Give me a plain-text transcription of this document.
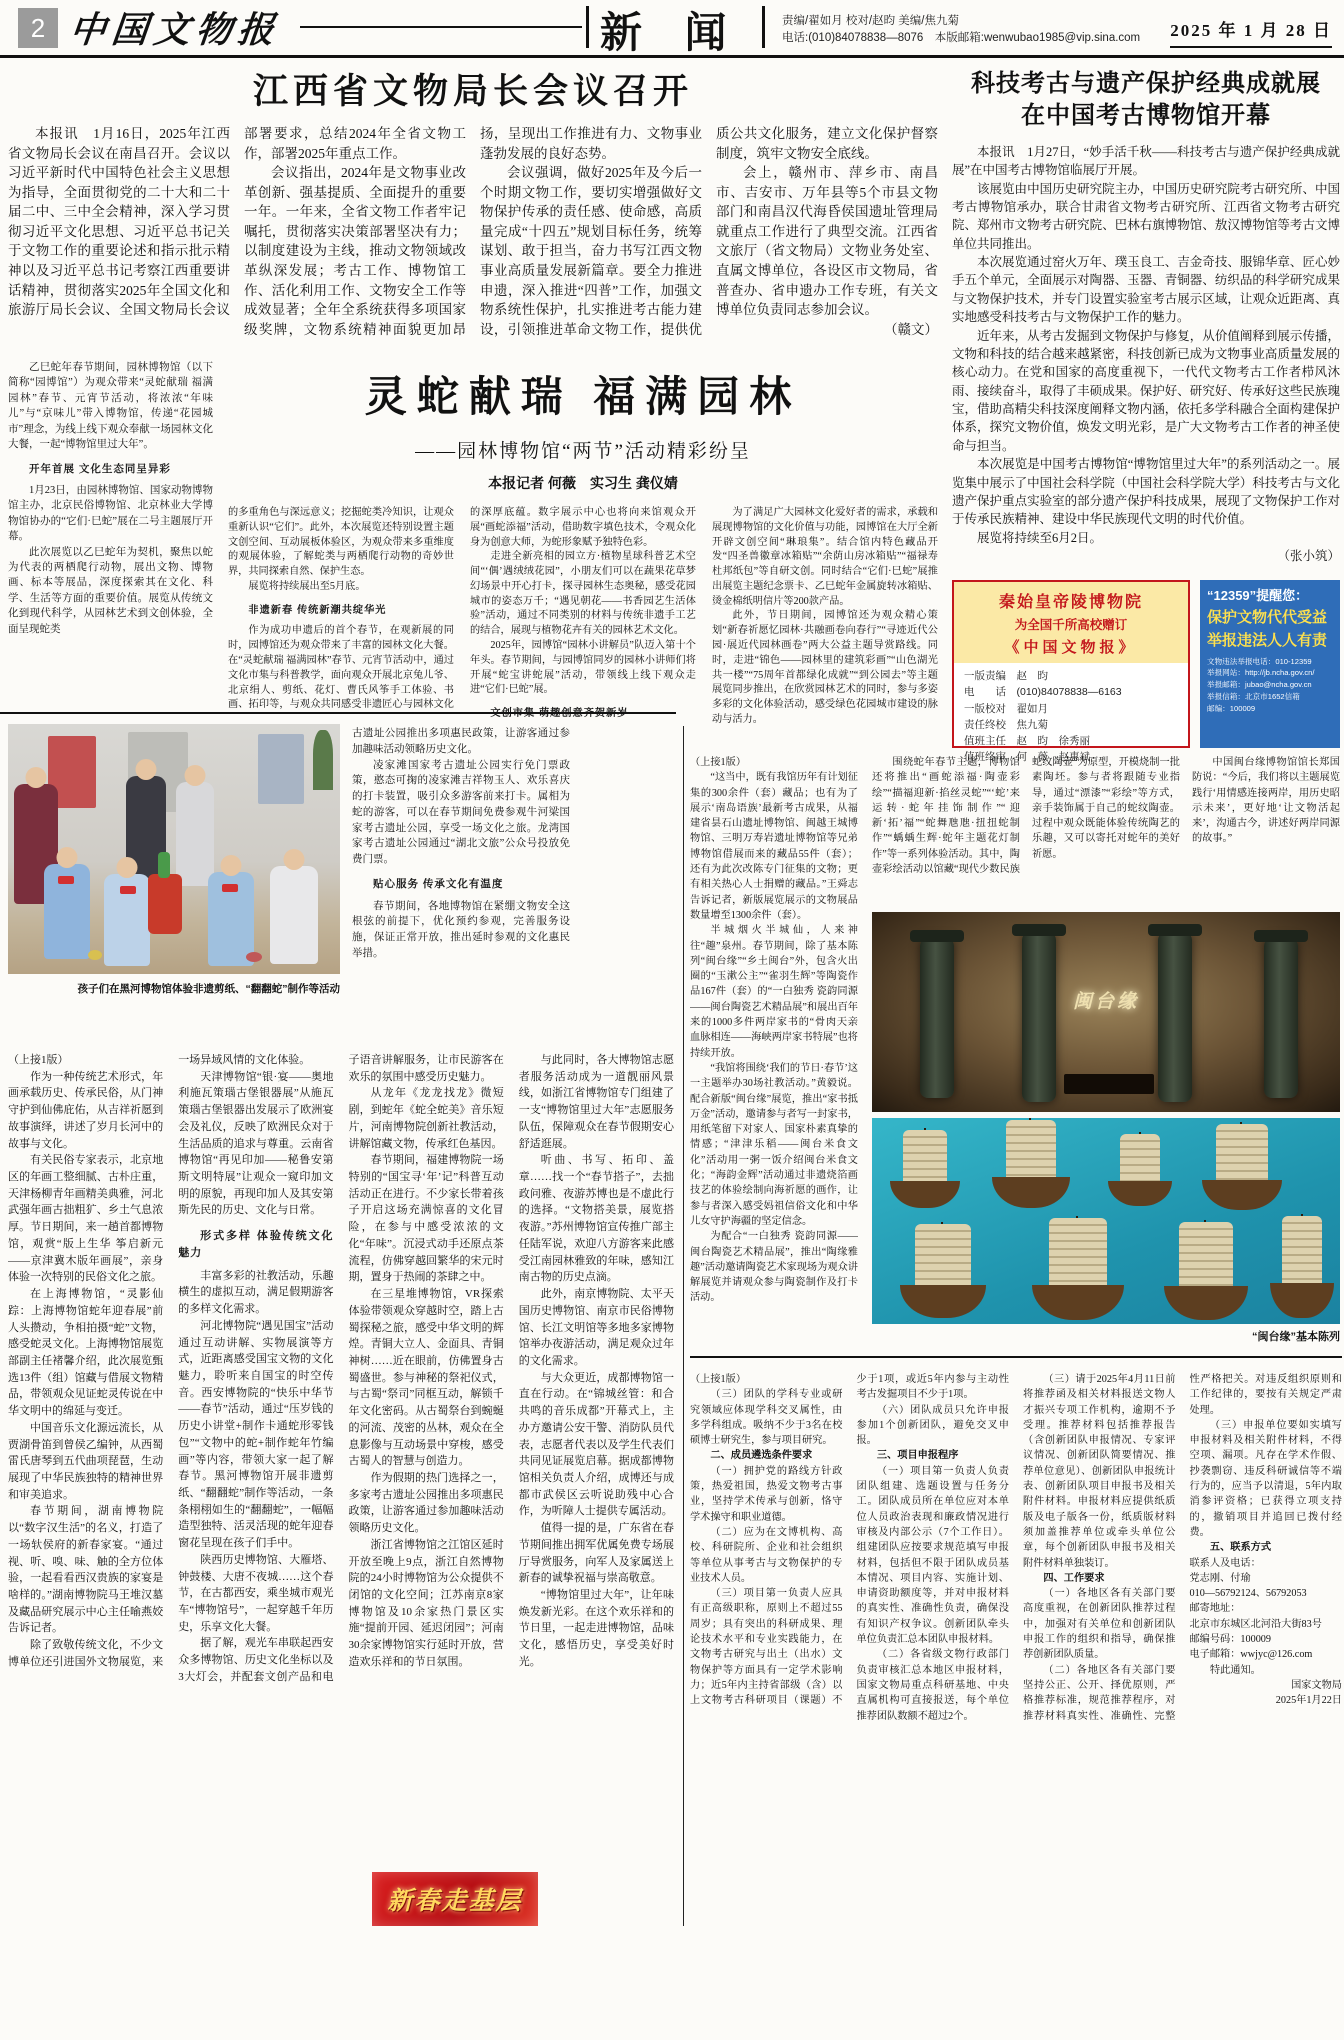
2 中国文物报	新 闻	责编/翟如月 校对/赵昀 美编/焦九菊
电话:(010)84078838—8076　本版邮箱:wenwubao1985@vip.sina.com	2025 年 1 月 28 日
江西省文物局长会议召开

本报讯　1月16日，2025年江西省文物局长会议在南昌召开。会议以习近平新时代中国特色社会主义思想为指导，全面贯彻党的二十大和二十届二中、三中全会精神，深入学习贯彻习近平文化思想、习近平总书记关于文物工作的重要论述和指示批示精神以及习近平总书记考察江西重要讲话精神，贯彻落实2025年全国文化和旅游厅局长会议、全国文物局长会议部署要求，总结2024年全省文物工作，部署2025年重点工作。

会议指出，2024年是文物事业改革创新、强基提质、全面提升的重要一年。一年来，全省文物工作者牢记嘱托，贯彻落实决策部署坚决有力；以制度建设为主线，推动文物领域改革纵深发展；考古工作、博物馆工作、活化利用工作、文物安全工作等成效显著；全年全系统获得多项国家级奖牌，文物系统精神面貌更加昂扬，呈现出工作推进有力、文物事业蓬勃发展的良好态势。

会议强调，做好2025年及今后一个时期文物工作，要切实增强做好文物保护传承的责任感、使命感，高质量完成“十四五”规划目标任务，统筹谋划、敢于担当，奋力书写江西文物事业高质量发展新篇章。要全力推进申遗，深入推进“四普”工作，加强文物系统性保护，扎实推进考古能力建设，引领推进革命文物工作，提供优质公共文化服务，建立文化保护督察制度，筑牢文物安全底线。

会上，赣州市、萍乡市、南昌市、吉安市、万年县等5个市县文物部门和南昌汉代海昏侯国遗址管理局就重点工作进行了典型交流。江西省文旅厅（省文物局）文物业务处室、直属文博单位，各设区市文物局，省普查办、省申遗办工作专班，有关文博单位负责同志参加会议。

（赣文）

科技考古与遗产保护经典成就展
在中国考古博物馆开幕

本报讯　1月27日，“妙手活千秋——科技考古与遗产保护经典成就展”在中国考古博物馆临展厅开展。

该展览由中国历史研究院主办，中国历史研究院考古研究所、中国考古博物馆承办，联合甘肃省文物考古研究所、江西省文物考古研究院、郑州市文物考古研究院、巴林右旗博物馆、敖汉博物馆等考古文博单位共同推出。

本次展览通过窑火万年、璞玉良工、吉金奇技、服锦华章、匠心妙手五个单元，全面展示对陶器、玉器、青铜器、纺织品的科学研究成果与文物保护技术，并专门设置实验室考古展示区域，让观众近距离、真实地感受科技考古与文物保护工作的魅力。

近年来，从考古发掘到文物保护与修复，从价值阐释到展示传播，文物和科技的结合越来越紧密，科技创新已成为文物事业高质量发展的核心动力。在党和国家的高度重视下，一代代文物考古工作者栉风沐雨、接续奋斗，取得了丰硕成果。保护好、研究好、传承好这些民族瑰宝，借助高精尖科技深度阐释文物内涵，依托多学科融合全面构建保护体系，探究文物价值，焕发文明光彩，是广大文物考古工作者的神圣使命与担当。

本次展览是中国考古博物馆“博物馆里过大年”的系列活动之一。展览集中展示了中国社会科学院（中国社会科学院大学）科技考古与文化遗产保护重点实验室的部分遗产保护科技成果，展现了文物保护工作对于传承民族精神、建设中华民族现代文明的时代价值。

展览将持续至6月2日。

（张小筑）

乙巳蛇年春节期间，园林博物馆（以下简称“园博馆”）为观众带来“灵蛇献瑞 福满园林”春节、元宵节活动，将浓浓“年味儿”与“京味儿”带入博物馆，传递“花园城市”理念，为线上线下观众奉献一场园林文化大餐，一起“博物馆里过大年”。

开年首展 文化生态同呈异彩

1月23日，由园林博物馆、国家动物博物馆主办，北京民俗博物馆、北京林业大学博物馆协办的“它们·巳蛇”展在二号主题展厅开幕。

此次展览以乙巳蛇年为契机，聚焦以蛇为代表的两栖爬行动物，展出文物、博物画、标本等展品，深度探索其在文化、科学、生活等方面的重要价值。展览从传统文化到现代科学，从园林艺术到文创体验，全面呈现蛇类

灵蛇献瑞 福满园林
——园林博物馆“两节”活动精彩纷呈
本报记者 何薇　实习生 龚仪婧

的多重角色与深远意义；挖掘蛇类冷知识，让观众重新认识“它们”。此外，本次展览还特别设置主题文创空间、互动展板体验区，为观众带来多重维度的观展体验，了解蛇类与两栖爬行动物的奇妙世界，共同探索自然、保护生态。

展览将持续展出至5月底。

非遗新春 传统新潮共绽华光

作为成功申遗后的首个春节，在观新展的同时，园博馆还为观众带来了丰富的园林文化大餐。在“灵蛇献瑞 福满园林”春节、元宵节活动中，通过文化市集与科普教学，面向观众开展北京兔儿爷、北京绢人、剪纸、花灯、曹氏风筝手工体验、书画、拓印等，与观众共同感受非遗匠心与园林文化的深厚底蕴。数字展示中心也将向来馆观众开展“画蛇添福”活动，借助数字填色技术，令观众化身为创意大师，为蛇形象赋予独特色彩。

走进全新亮相的园立方·植物星球科普艺术空间“‘偶’遇绒绒花园”，小朋友们可以在蔬果花草梦幻场景中开心打卡，探寻园林生态奥秘，感受花园城市的姿态万千；“遇见朝花——书香园艺生活体验”活动，通过不同类别的材料与传统非遗手工艺的结合，展现与植物花卉有关的园林艺术文化。

2025年，园博馆“园林小讲解员”队迈入第十个年头。春节期间，与园博馆同岁的园林小讲师们将开展“蛇宝讲蛇展”活动，带领线上线下观众走进“它们·巳蛇”展。

为了满足广大园林文化爱好者的需求，承载和展现博物馆的文化价值与功能，园博馆在大厅全新开辟文创空间“琳琅集”。结合馆内特色藏品开发“四圣兽徽章冰箱贴”“余荫山房冰箱贴”“福禄寿杜邦纸包”等自研文创。同时结合“它们·巳蛇”展推出展览主题纪念票卡、乙巳蛇年金属旋转冰箱贴、烫金棉纸明信片等200款产品。

此外，节日期间，园博馆还为观众精心策划“新春祈愿忆园林·共融画卷向春行”“寻迹近代公园·展近代园林画卷”两大公益主题导赏路线。同时，走进“锦色——园林里的建筑彩画”“山色湖光共一楼”“75周年首都绿化成就”“到公园去”等主题展览同步推出，在欣赏园林艺术的同时，参与多姿多彩的文化体验活动，感受绿色花园城市建设的脉动与活力。

秦始皇帝陵博物院
为全国千所高校赠订
《中国文物报》

一版责编　赵　昀

电　　话　(010)84078838—6163

一版校对　翟如月

责任终校　焦九菊

值班主任　赵　昀　徐秀丽

值班终审　何　薇　赵惠斌

“12359”提醒您：
保护文物代代受益
举报违法人人有责

文物违法举报电话：010-12359

举报网站：http://jb.ncha.gov.cn/

举报邮箱：jubao@ncha.gov.cn

举报信箱：北京市1652信箱

邮编：100009

孩子们在黑河博物馆体验非遗剪纸、“翻翻蛇”制作等活动

古遗址公园推出多项惠民政策，让游客通过参加趣味活动领略历史文化。

凌家滩国家考古遗址公园实行免门票政策，憨态可掬的凌家滩吉祥物玉人、欢乐喜庆的打卡装置，吸引众多游客前来打卡。属相为蛇的游客，可以在春节期间免费参观牛河梁国家考古遗址公园，享受一场文化之旅。龙湾国家考古遗址公园通过“湖北文旅”公众号投放免费门票。

贴心服务 传承文化有温度

春节期间，各地博物馆在紧绷文物安全这根弦的前提下，优化预约参观，完善服务设施，保证正常开放，推出延时参观的文化惠民举措。

（上接1版）

“这当中，既有我馆历年有计划征集的300余件（套）藏品；也有为了展示‘南岛语族’最新考古成果，从福建省昙石山遗址博物馆、闽越王城博物馆、三明万寿岩遗址博物馆等兄弟博物馆借展而来的藏品55件（套）；还有为此次改陈专门征集的文物；更有相关热心人士捐赠的藏品。”王舜志告诉记者，新版展览展示的文物展品数量增至1300余件（套）。

半城烟火半城仙，人来神往“趣”泉州。春节期间，除了基本陈列“闽台缘”“乡土闽台”外，包含火出圈的“玉漱公主”“雀羽生辉”等陶瓷作品167件（套）的“一白独秀 瓷韵同源——闽台陶瓷艺术精品展”和展出百年来的1000多件两岸家书的“骨肉天亲 血脉相连——海峡两岸家书特展”也将持续开放。

“我馆将围绕‘我们的节日·春节’这一主题举办30场社教活动。”黄毅说。配合新版“闽台缘”展览，推出“家书抵万金”活动，邀请参与者写一封家书，用纸笔留下对家人、国家朴素真挚的情感；“津津乐稻——闽台米食文化”活动用一粥一饭介绍闽台米食文化；“海韵金辉”活动通过非遗烧箔画技艺的体验绘制向海祈愿的画作，让参与者深入感受妈祖信俗文化和中华儿女守护海疆的坚定信念。

为配合“一白独秀 瓷韵同源——闽台陶瓷艺术精品展”，推出“陶缘雅趣”活动邀请陶瓷艺术家现场为观众讲解展览并请观众参与陶瓷制作及打卡活动。

围绕蛇年春节主题，博物馆还将推出“画蛇添福·陶壶彩绘”“描福迎新·掐丝灵蛇”“‘蛇’来运转·蛇年挂饰制作”“迎新‘拓’福”“蛇舞虺虺·扭扭蛇制作”“蝺蝺生辉·蛇年主题花灯制作”等一系列体验活动。其中，陶壶彩绘活动以馆藏“现代少数民族蛇纹陶壶”为原型，开模烧制一批素陶坯。参与者将跟随专业指导，通过“漂漆”“彩绘”等方式，亲手装饰属于自己的蛇纹陶壶。过程中观众既能体验传统陶艺的乐趣，又可以寄托对蛇年的美好祈愿。

中国闽台缘博物馆馆长郑国防说：“今后，我们将以主题展览践行‘用情感连接两岸，用历史昭示未来’，更好地‘让文物活起来’，沟通古今，讲述好两岸同源的故事。”

闽台缘
“闽台缘”基本陈列

（上接1版）

作为一种传统艺术形式，年画承载历史、传承民俗，从门神守护到仙佛庇佑，从吉祥祈愿到故事演绎，讲述了岁月长河中的故事与文化。

有关民俗专家表示，北京地区的年画工整细腻、古朴庄重，天津杨柳青年画精美典雅，河北武强年画古拙粗犷、乡土气息浓厚。节日期间，来一趟首都博物馆，观赏“版上生华 筝启新元——京津冀木版年画展”，亲身体验一次特别的民俗文化之旅。

在上海博物馆，“灵影仙踪：上海博物馆蛇年迎春展”前人头攒动，争相拍摄“蛇”文物，感受蛇灵文化。上海博物馆展览部副主任褚馨介绍，此次展览甄选13件（组）馆藏与借展文物精品，带领观众见证蛇灵传说在中华文明中的绵延与变迁。

中国音乐文化源远流长，从贾湖骨笛到曾侯乙编钟，从西蜀雷氏唐琴到五代曲项琵琶，生动展现了中华民族独特的精神世界和审美追求。

春节期间，湖南博物院以“数字汉生活”的名义，打造了一场轪侯府的新春家宴。“通过视、听、嗅、味、触的全方位体验，一起看看西汉贵族的家宴是啥样的。”湖南博物院马王堆汉墓及藏品研究展示中心主任喻燕姣告诉记者。

除了致敬传统文化，不少文博单位还引进国外文物展览，来一场异域风情的文化体验。

天津博物馆“银·宴——奥地利施瓦策瑙古堡银器展”从施瓦策瑙古堡银器出发展示了欧洲宴会及礼仪，反映了欧洲民众对于生活品质的追求与尊重。云南省博物馆“再见印加——秘鲁安第斯文明特展”让观众一窥印加文明的原貌，再现印加人及其安第斯先民的历史、文化与日常。

形式多样 体验传统文化魅力

丰富多彩的社教活动，乐趣横生的虚拟互动，满足假期游客的多样文化需求。

河北博物院“遇见国宝”活动通过互动讲解、实物展演等方式，近距离感受国宝文物的文化魅力，聆听来自国宝的时空传音。西安博物院的“快乐中华节——春节”活动，通过“压岁钱的历史小讲堂+制作卡通蛇形零钱包”“文物中的蛇+制作蛇年竹编画”等内容，带领大家一起了解春节。黑河博物馆开展非遗剪纸、“翻翻蛇”制作等活动，一条条栩栩如生的“翻翻蛇”，一幅幅造型独特、活灵活现的蛇年迎春窗花呈现在孩子们手中。

陕西历史博物馆、大雁塔、钟鼓楼、大唐不夜城……这个春节，在古都西安，乘坐城市观光车“博物馆号”，一起穿越千年历史，乐享文化大餐。

据了解，观光车串联起西安众多博物馆、历史文化坐标以及3大灯会，并配套文创产品和电子语音讲解服务，让市民游客在欢乐的氛围中感受历史魅力。

从龙年《龙龙找龙》微短剧，到蛇年《蛇全蛇美》音乐短片，河南博物院创新社教活动，讲解馆藏文物，传承红色基因。

春节期间，福建博物院一场特别的“国宝寻‘年’记”科普互动活动正在进行。不少家长带着孩子开启这场充满惊喜的文化冒险，在参与中感受浓浓的文化“年味”。沉浸式动手还原点茶流程，仿佛穿越回繁华的宋元时期，置身于热闹的茶肆之中。

在三星堆博物馆，VR探索体验带领观众穿越时空，踏上古蜀探秘之旅，感受中华文明的辉煌。青铜大立人、金面具、青铜神树……近在眼前，仿佛置身古蜀盛世。参与神秘的祭祀仪式，与古蜀“祭司”同框互动，解锁千年文化密码。从古蜀祭台到蜿蜒的河流、茂密的丛林，观众在全息影像与互动场景中穿梭，感受古蜀人的智慧与创造力。

作为假期的热门选择之一，多家考古遗址公园推出多项惠民政策，让游客通过参加趣味活动领略历史文化。

浙江省博物馆之江馆区延时开放至晚上9点，浙江自然博物院的24小时博物馆为公众提供不闭馆的文化空间；江苏南京8家博物馆及10余家热门景区实施“提前开园、延迟闭园”；河南30余家博物馆实行延时开放，营造欢乐祥和的节日氛围。

与此同时，各大博物馆志愿者服务活动成为一道靓丽风景线，如浙江省博物馆专门组建了一支“博物馆里过大年”志愿服务队伍，保障观众在春节假期安心舒适逛展。

听曲、书写、拓印、盖章……找一个“春节搭子”，去拙政问雅、夜游苏博也是不虚此行的选择。“文物搭美景，展览搭夜游。”苏州博物馆宣传推广部主任陆军说，欢迎八方游客来此感受江南园林雅致的年味，感知江南古物的历史点滴。

此外，南京博物院、太平天国历史博物馆、南京市民俗博物馆、长江文明馆等多地多家博物馆举办夜游活动，满足观众过年的文化需求。

与大众更近，成都博物馆一直在行动。在“锦城丝管：和合共鸣的音乐成都”开幕式上，主办方邀请公安干警、消防队员代表，志愿者代表以及学生代表们共同见证展览启幕。据成都博物馆相关负责人介绍，成博还与成都市武侯区云听说助残中心合作，为听障人士提供专属活动。

值得一提的是，广东省在春节期间推出拥军优属免费专场展厅导赏服务，向军人及家属送上新春的诚挚祝福与崇高敬意。

“博物馆里过大年”，让年味焕发新光彩。在这个欢乐祥和的节日里，一起走进博物馆，品味文化，感悟历史，享受美好时光。

新春走基层

（上接1版）

（三）团队的学科专业或研究领域应体现学科交叉属性，由多学科组成。吸纳不少于3名在校硕博士研究生，参与项目研究。

二、成员遴选条件要求

（一）拥护党的路线方针政策，热爱祖国，热爱文物考古事业，坚持学术传承与创新，恪守学术操守和职业道德。

（二）应为在文博机构、高校、科研院所、企业和社会组织等单位从事考古与文物保护的专业技术人员。

（三）项目第一负责人应具有正高级职称，原则上不超过55周岁；具有突出的科研成果、理论技术水平和专业实践能力，在文物考古研究与出土（出水）文物保护等方面具有一定学术影响力；近5年内主持省部级（含）以上文物考古科研项目（课题）不少于1项，或近5年内参与主动性考古发掘项目不少于1项。

（六）团队成员只允许申报参加1个创新团队，避免交叉申报。

三、项目申报程序

（一）项目第一负责人负责团队组建、选题设置与任务分工。团队成员所在单位应对本单位人员政治表现和廉政情况进行审核及内部公示（7个工作日）。组建团队应按要求规范填写申报材料，包括但不限于团队成员基本情况、项目内容、实施计划、申请资助额度等，并对申报材料的真实性、准确性负责，确保没有知识产权争议。创新团队牵头单位负责汇总本团队申报材料。

（二）各省级文物行政部门负责审核汇总本地区申报材料，国家文物局重点科研基地、中央直属机构可直接报送，每个单位推荐团队数额不超过2个。

（三）请于2025年4月11日前将推荐函及相关材料报送文物人才振兴专项工作机构，逾期不予受理。推荐材料包括推荐报告（含创新团队申报情况、专家评议情况、创新团队简要情况、推荐单位意见）、创新团队申报统计表、创新团队项目申报书及相关附件材料。申报材料应提供纸质版及电子版各一份，纸质版材料须加盖推荐单位或牵头单位公章，每个创新团队申报书及相关附件材料单独装订。

四、工作要求

（一）各地区各有关部门要高度重视，在创新团队推荐过程中，加强对有关单位和创新团队申报工作的组织和指导，确保推荐创新团队质量。

（二）各地区各有关部门要坚持公正、公开、择优原则，严格推荐标准，规范推荐程序，对推荐材料真实性、准确性、完整性严格把关。对违反组织原则和工作纪律的，要按有关规定严肃处理。

（三）申报单位要如实填写申报材料及相关附件材料，不得空项、漏项。凡存在学术作假、抄袭剽窃、违反科研诚信等不端行为的，应当予以清退，5年内取消参评资格；已获得立项支持的，撤销项目并追回已拨付经费。

五、联系方式

联系人及电话：

党志刚、付瑜

010—56792124、56792053

邮寄地址：

北京市东城区北河沿大街83号

邮编号码：100009

电子邮箱：wwjyc@126.com

特此通知。

国家文物局

2025年1月22日
